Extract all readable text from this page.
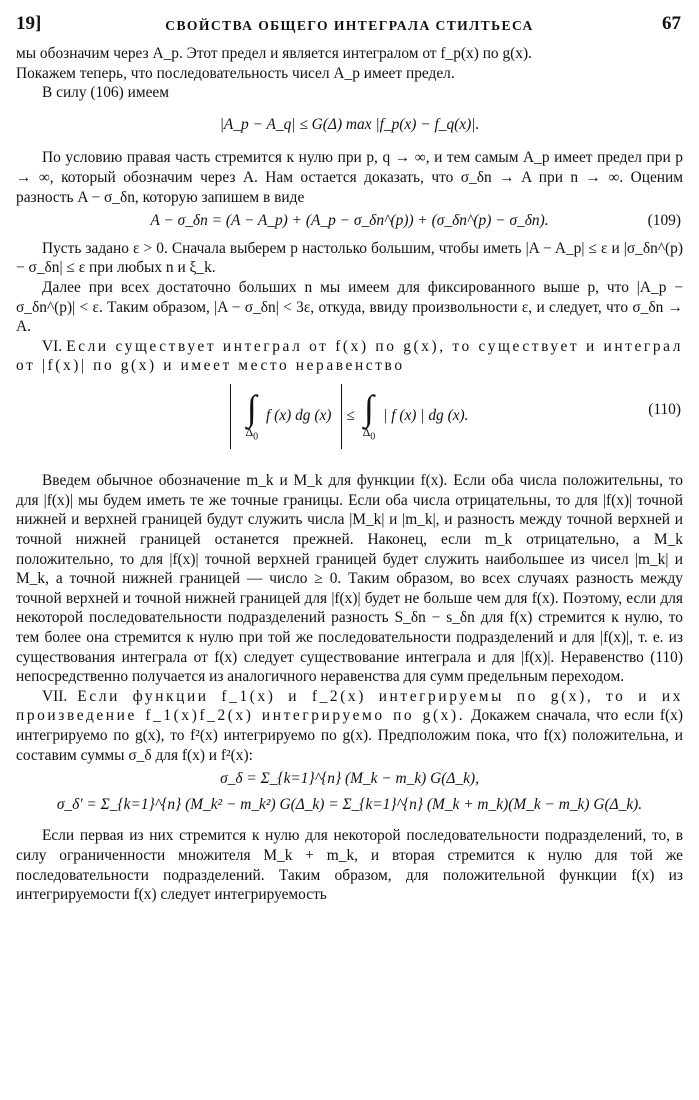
19]	СВОЙСТВА ОБЩЕГО ИНТЕГРАЛА СТИЛТЬЕСА	67

мы обозначим через A_p. Этот предел и является интегралом от f_p(x) по g(x).

Покажем теперь, что последовательность чисел A_p имеет предел.

В силу (106) имеем

|A_p − A_q| ≤ G(Δ) max |f_p(x) − f_q(x)|.

По условию правая часть стремится к нулю при p, q → ∞, и тем самым A_p имеет предел при p → ∞, который обозначим через A. Нам остается доказать, что σ_δn → A при n → ∞. Оценим разность A − σ_δn, которую запишем в виде

A − σ_δn = (A − A_p) + (A_p − σ_δn^(p)) + (σ_δn^(p) − σ_δn).	(109)

Пусть задано ε > 0. Сначала выберем p настолько большим, чтобы иметь |A − A_p| ≤ ε и |σ_δn^(p) − σ_δn| ≤ ε при любых n и ξ_k.

Далее при всех достаточно больших n мы имеем для фиксированного выше p, что |A_p − σ_δn^(p)| < ε. Таким образом, |A − σ_δn| < 3ε, откуда, ввиду произвольности ε, и следует, что σ_δn → A.

VI. Если существует интеграл от f(x) по g(x), то существует и интеграл от |f(x)| по g(x) и имеет место неравенство

∫
$\Delta_0$
f (x) dg (x) ≤ ∫
$\Delta_0$
| f (x) | dg (x).	(110)

Введем обычное обозначение m_k и M_k для функции f(x). Если оба числа положительны, то для |f(x)| мы будем иметь те же точные границы. Если оба числа отрицательны, то для |f(x)| точной нижней и верхней границей будут служить числа |M_k| и |m_k|, и разность между точной верхней и точной нижней границей останется прежней. Наконец, если m_k отрицательно, а M_k положительно, то для |f(x)| точной верхней границей будет служить наибольшее из чисел |m_k| и M_k, а точной нижней границей — число ≥ 0. Таким образом, во всех случаях разность между точной верхней и точной нижней границей для |f(x)| будет не больше чем для f(x). Поэтому, если для некоторой последовательности подразделений разность S_δn − s_δn для f(x) стремится к нулю, то тем более она стремится к нулю при той же последовательности подразделений и для |f(x)|, т. е. из существования интеграла от f(x) следует существование интеграла и для |f(x)|. Неравенство (110) непосредственно получается из аналогичного неравенства для сумм предельным переходом.

VII. Если функции f_1(x) и f_2(x) интегрируемы по g(x), то и их произведение f_1(x)f_2(x) интегрируемо по g(x). Докажем сначала, что если f(x) интегрируемо по g(x), то f²(x) интегрируемо по g(x). Предположим пока, что f(x) положительна, и составим суммы σ_δ для f(x) и f²(x):

σ_δ = Σ_{k=1}^{n} (M_k − m_k) G(Δ_k),

σ_δ' = Σ_{k=1}^{n} (M_k² − m_k²) G(Δ_k) = Σ_{k=1}^{n} (M_k + m_k)(M_k − m_k) G(Δ_k).

Если первая из них стремится к нулю для некоторой последовательности подразделений, то, в силу ограниченности множителя M_k + m_k, и вторая стремится к нулю для той же последовательности подразделений. Таким образом, для положительной функции f(x) из интегрируемости f(x) следует интегрируемость
